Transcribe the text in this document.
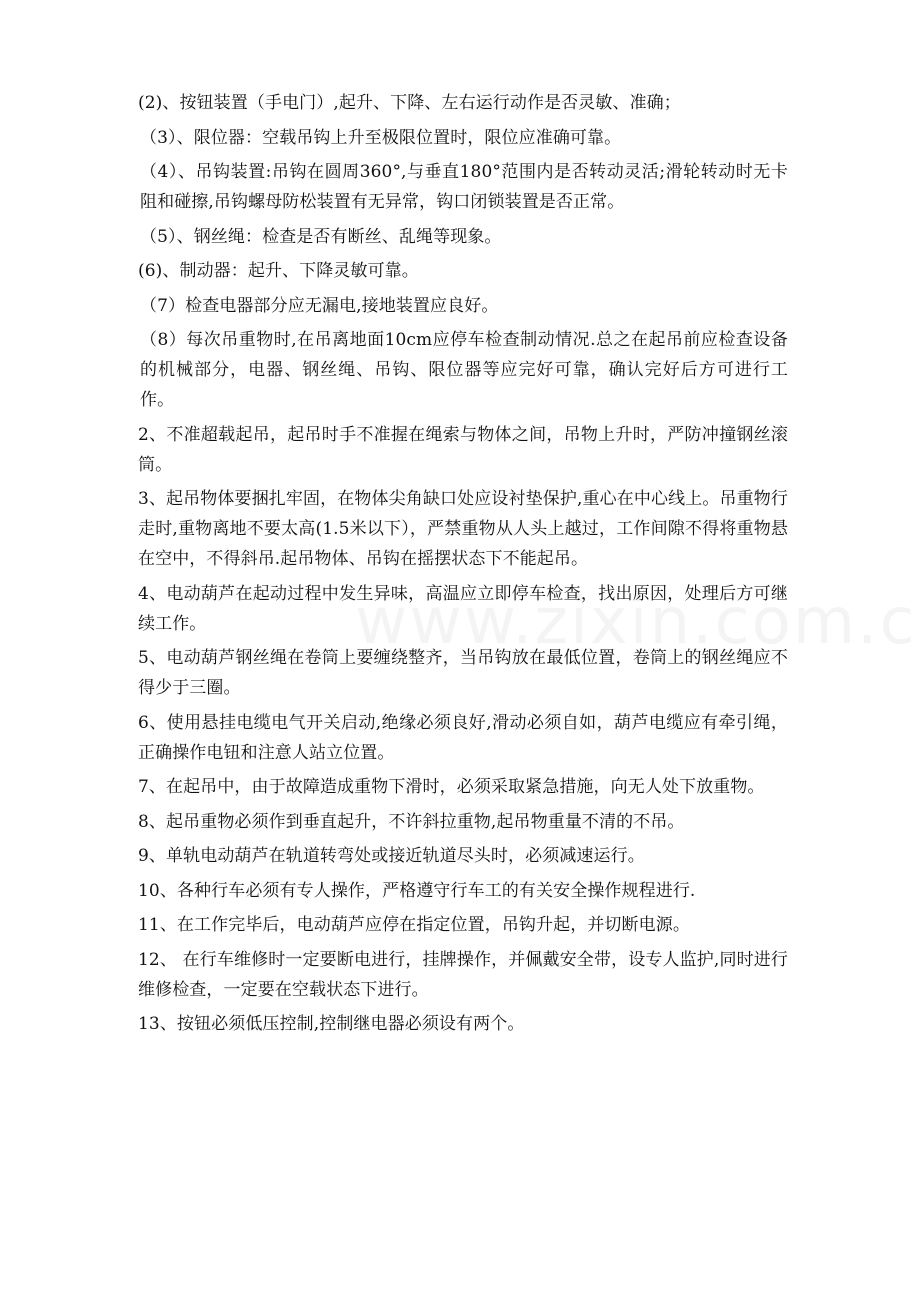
(2)、按钮装置（手电门）,起升、下降、左右运行动作是否灵敏、准确；

（3）、限位器：空载吊钩上升至极限位置时，限位应准确可靠。

（4）、吊钩装置:吊钩在圆周360°,与垂直180°范围内是否转动灵活;滑轮转动时无卡阻和碰擦,吊钩螺母防松装置有无异常，钩口闭锁装置是否正常。

（5）、钢丝绳：检查是否有断丝、乱绳等现象。

(6)、制动器：起升、下降灵敏可靠。

（7）检查电器部分应无漏电,接地装置应良好。

（8）每次吊重物时,在吊离地面10cm应停车检查制动情况.总之在起吊前应检查设备的机械部分，电器、钢丝绳、吊钩、限位器等应完好可靠，确认完好后方可进行工作。

2、不准超载起吊，起吊时手不准握在绳索与物体之间，吊物上升时，严防冲撞钢丝滚筒。

3、起吊物体要捆扎牢固，在物体尖角缺口处应设衬垫保护,重心在中心线上。吊重物行走时,重物离地不要太高(1.5米以下），严禁重物从人头上越过，工作间隙不得将重物悬在空中，不得斜吊.起吊物体、吊钩在摇摆状态下不能起吊。

4、电动葫芦在起动过程中发生异味，高温应立即停车检查，找出原因，处理后方可继续工作。

5、电动葫芦钢丝绳在卷筒上要缠绕整齐，当吊钩放在最低位置，卷筒上的钢丝绳应不得少于三圈。

6、使用悬挂电缆电气开关启动,绝缘必须良好,滑动必须自如，葫芦电缆应有牵引绳，正确操作电钮和注意人站立位置。

7、在起吊中，由于故障造成重物下滑时，必须采取紧急措施，向无人处下放重物。

8、起吊重物必须作到垂直起升，不许斜拉重物,起吊物重量不清的不吊。

9、单轨电动葫芦在轨道转弯处或接近轨道尽头时，必须减速运行。

10、各种行车必须有专人操作，严格遵守行车工的有关安全操作规程进行.

11、在工作完毕后，电动葫芦应停在指定位置，吊钩升起，并切断电源。

12、 在行车维修时一定要断电进行，挂牌操作，并佩戴安全带，设专人监护,同时进行维修检查，一定要在空载状态下进行。

13、按钮必须低压控制,控制继电器必须设有两个。
